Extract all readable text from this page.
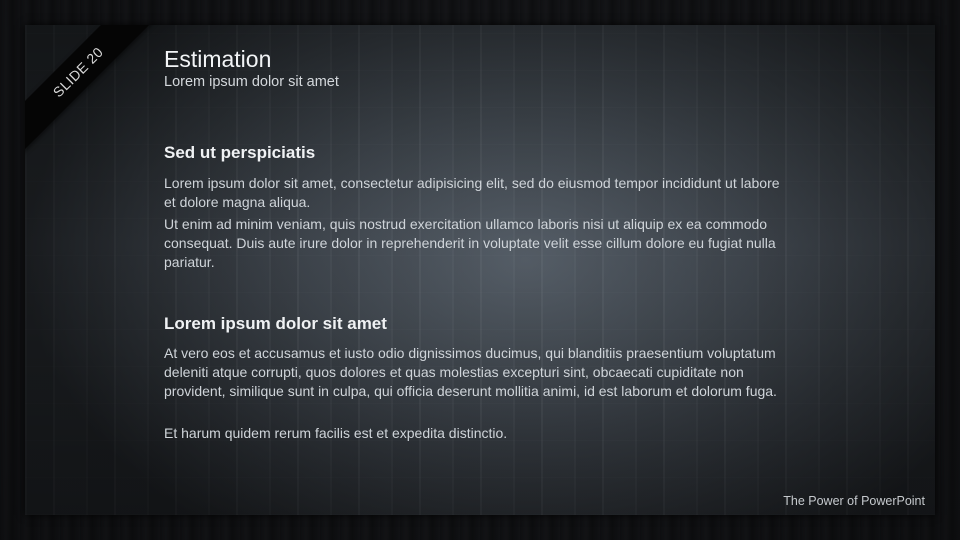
SLIDE 20	Estimation

Lorem ipsum dolor sit amet

Sed ut perspiciatis

Lorem ipsum dolor sit amet, consectetur adipisicing elit, sed do eiusmod tempor incididunt ut labore et dolore magna aliqua.

Ut enim ad minim veniam, quis nostrud exercitation ullamco laboris nisi ut aliquip ex ea commodo consequat. Duis aute irure dolor in reprehenderit in voluptate velit esse cillum dolore eu fugiat nulla pariatur.

Lorem ipsum dolor sit amet

At vero eos et accusamus et iusto odio dignissimos ducimus, qui blanditiis praesentium voluptatum deleniti atque corrupti, quos dolores et quas molestias excepturi sint, obcaecati cupiditate non provident, similique sunt in culpa, qui officia deserunt mollitia animi, id est laborum et dolorum fuga.

Et harum quidem rerum facilis est et expedita distinctio.

The Power of PowerPoint
